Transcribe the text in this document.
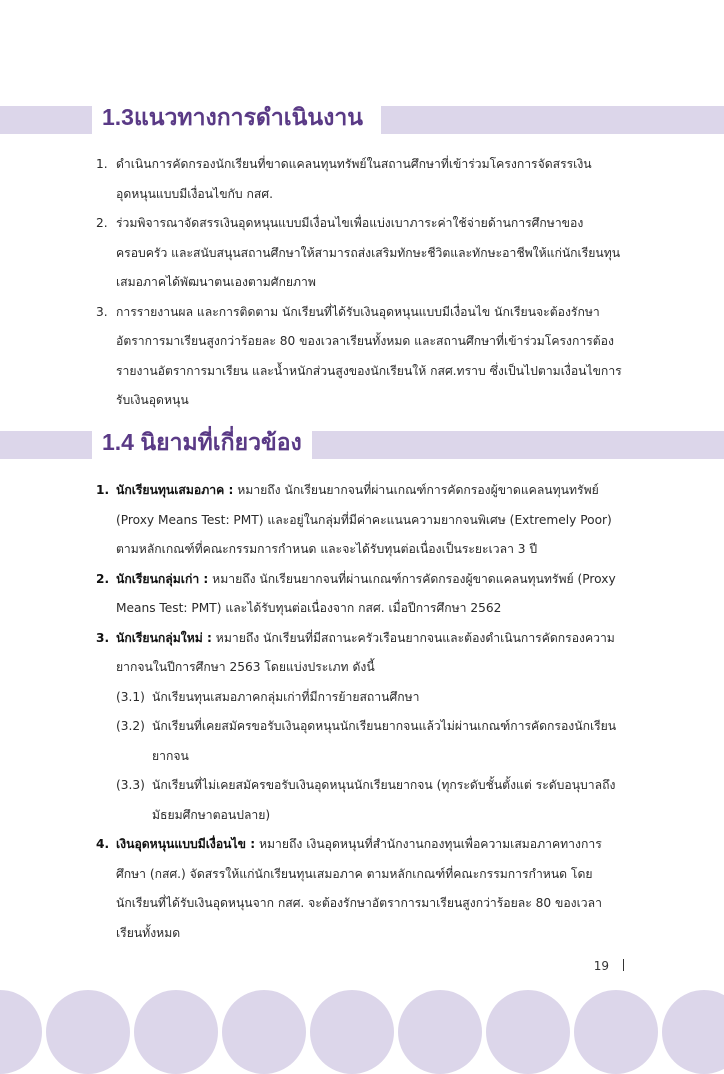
1.3แนวทางการดำเนินงาน
1. ดำเนินการคัดกรองนักเรียนที่ขาดแคลนทุนทรัพย์ในสถานศึกษาที่เข้าร่วมโครงการจัดสรรเงินอุดหนุนแบบมีเงื่อนไขกับ กสศ.
2. ร่วมพิจารณาจัดสรรเงินอุดหนุนแบบมีเงื่อนไขเพื่อแบ่งเบาภาระค่าใช้จ่ายด้านการศึกษาของครอบครัว และสนับสนุนสถานศึกษาให้สามารถส่งเสริมทักษะชีวิตและทักษะอาชีพให้แก่นักเรียนทุนเสมอภาคได้พัฒนาตนเองตามศักยภาพ
3. การรายงานผล และการติดตาม นักเรียนที่ได้รับเงินอุดหนุนแบบมีเงื่อนไข นักเรียนจะต้องรักษาอัตราการมาเรียนสูงกว่าร้อยละ 80 ของเวลาเรียนทั้งหมด และสถานศึกษาที่เข้าร่วมโครงการต้องรายงานอัตราการมาเรียน และน้ำหนักส่วนสูงของนักเรียนให้ กสศ.ทราบ ซึ่งเป็นไปตามเงื่อนไขการรับเงินอุดหนุน
1.4 นิยามที่เกี่ยวข้อง
1. นักเรียนทุนเสมอภาค : หมายถึง นักเรียนยากจนที่ผ่านเกณฑ์การคัดกรองผู้ขาดแคลนทุนทรัพย์ (Proxy Means Test: PMT) และอยู่ในกลุ่มที่มีค่าคะแนนความยากจนพิเศษ (Extremely Poor) ตามหลักเกณฑ์ที่คณะกรรมการกำหนด และจะได้รับทุนต่อเนื่องเป็นระยะเวลา 3 ปี
2. นักเรียนกลุ่มเก่า : หมายถึง นักเรียนยากจนที่ผ่านเกณฑ์การคัดกรองผู้ขาดแคลนทุนทรัพย์ (Proxy Means Test: PMT) และได้รับทุนต่อเนื่องจาก กสศ. เมื่อปีการศึกษา 2562
3. นักเรียนกลุ่มใหม่ : หมายถึง นักเรียนที่มีสถานะครัวเรือนยากจนและต้องดำเนินการคัดกรองความยากจนในปีการศึกษา 2563 โดยแบ่งประเภท ดังนี้
(3.1) นักเรียนทุนเสมอภาคกลุ่มเก่าที่มีการย้ายสถานศึกษา
(3.2) นักเรียนที่เคยสมัครขอรับเงินอุดหนุนนักเรียนยากจนแล้วไม่ผ่านเกณฑ์การคัดกรองนักเรียนยากจน
(3.3) นักเรียนที่ไม่เคยสมัครขอรับเงินอุดหนุนนักเรียนยากจน (ทุกระดับชั้นตั้งแต่ ระดับอนุบาลถึง มัธยมศึกษาตอนปลาย)
4. เงินอุดหนุนแบบมีเงื่อนไข : หมายถึง เงินอุดหนุนที่สำนักงานกองทุนเพื่อความเสมอภาคทางการศึกษา (กสศ.) จัดสรรให้แก่นักเรียนทุนเสมอภาค ตามหลักเกณฑ์ที่คณะกรรมการกำหนด โดยนักเรียนที่ได้รับเงินอุดหนุนจาก กสศ. จะต้องรักษาอัตราการมาเรียนสูงกว่าร้อยละ 80 ของเวลาเรียนทั้งหมด
19
